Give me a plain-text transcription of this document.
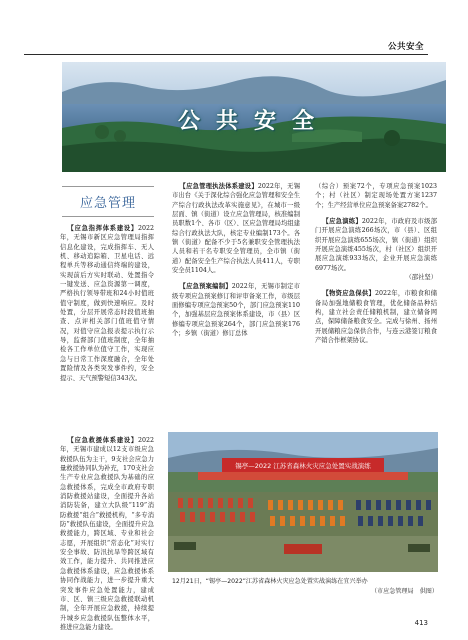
公共安全
公共安全
应急管理

【应急指挥体系建设】2022年，无锡市新区应急管理局指挥信息化建设，完成指挥车、无人机、移动追踪箱、卫星电话、远程单兵等移动通信终端的建设，实现前后方实时联动、处置指令一键发送、应急资源第一调度，严格执行领导带班和24小时值班值守制度，做到快速响应。及时处置，分层开展常态时段值班抽查、点评相关部门值班值守情况，对值守应急报表提示执行示导，监督部门值班制度，全年抽检各工作单位值守工作，实现应急与日常工作深度融合，全年处置险情及各类突发事件约，安全提示、天气预警短信343次。

【应急管理执法体系建设】2022年，无锡市出台《关于深化综合强化应急管理和安全生产综合行政执法改革实施意见》，在城市一级层面、镇（街道）设立应急管理局，核准编制员职数1个、各市（区）、区应急管理局均组建综合行政执法大队，核定专业编制173个。各镇（街道）配备不少于5名兼职安全管理执法人员和若干名专职安全管理员，全市镇（街道）配备安全生产综合执法人员411人，专职安全员1104人。

【应急预案编制】2022年，无锡市制定市级专项应急预案修订和评审备案工作，市级层面修编专项应急预案50个，部门应急预案110个，加强基层应急预案体系建设，市（县）区修编专项应急预案264个，部门应急预案176个；乡镇（街道）修订总体

（综合）预案72个，专项应急预案1023个；村（社区）制定现场处置方案1237个；生产经营单位应急预案备案2782个。

【应急演练】2022年，市政府及市级部门开展应急演练266场次，市（县）、区组织开展应急演练655场次，镇（街道）组织开展应急演练455场次，村（社区）组织开展应急演练933场次，企业开展应急演练6977场次。

（邵社坚）

【物资应急保供】2022年，市粮食和储备局加强地储粮食管理，优化储备品种结构，建立社会责任储粮机制，建立储备网点，保障储备粮食安全。完成与徐州、扬州开展储粮应急保供合作，与连云港签订粮食产销合作框架协议。

【应急救援体系建设】2022年，无锡市建成以12支市级应急救援队伍为主干，9支社会应急力量救援协同队为补充，170支社会生产专业应急救援队为基础的应急救援体系，完成全市政府专职消防救援站建设，全面提升各站消防装备，建立大队级“119”消防救援“组合”救援机构，“多专消防”救援队伍建设，全面提升应急救援能力，跨区域、专业和社会志愿，开展组织“常态化”对实行安全事故、防汛抗旱等跨区域有效工作，能力提升、共同推进应急救援体系建设，应急救援体系协同作战能力，进一步提升重大突发事件应急处置能力，建成市、区、镇三级应急救援联动机制，全年开展应急救援，持续提升城乡应急救援队伍整体水平，推进应急能力建设。

锡亭—2022 江苏省森林火灾应急处置实战演练
12月21日，“锡亭—2022”江苏省森林火灾应急处置实战演练在宜兴举办
（市应急管理局　供图）
413
